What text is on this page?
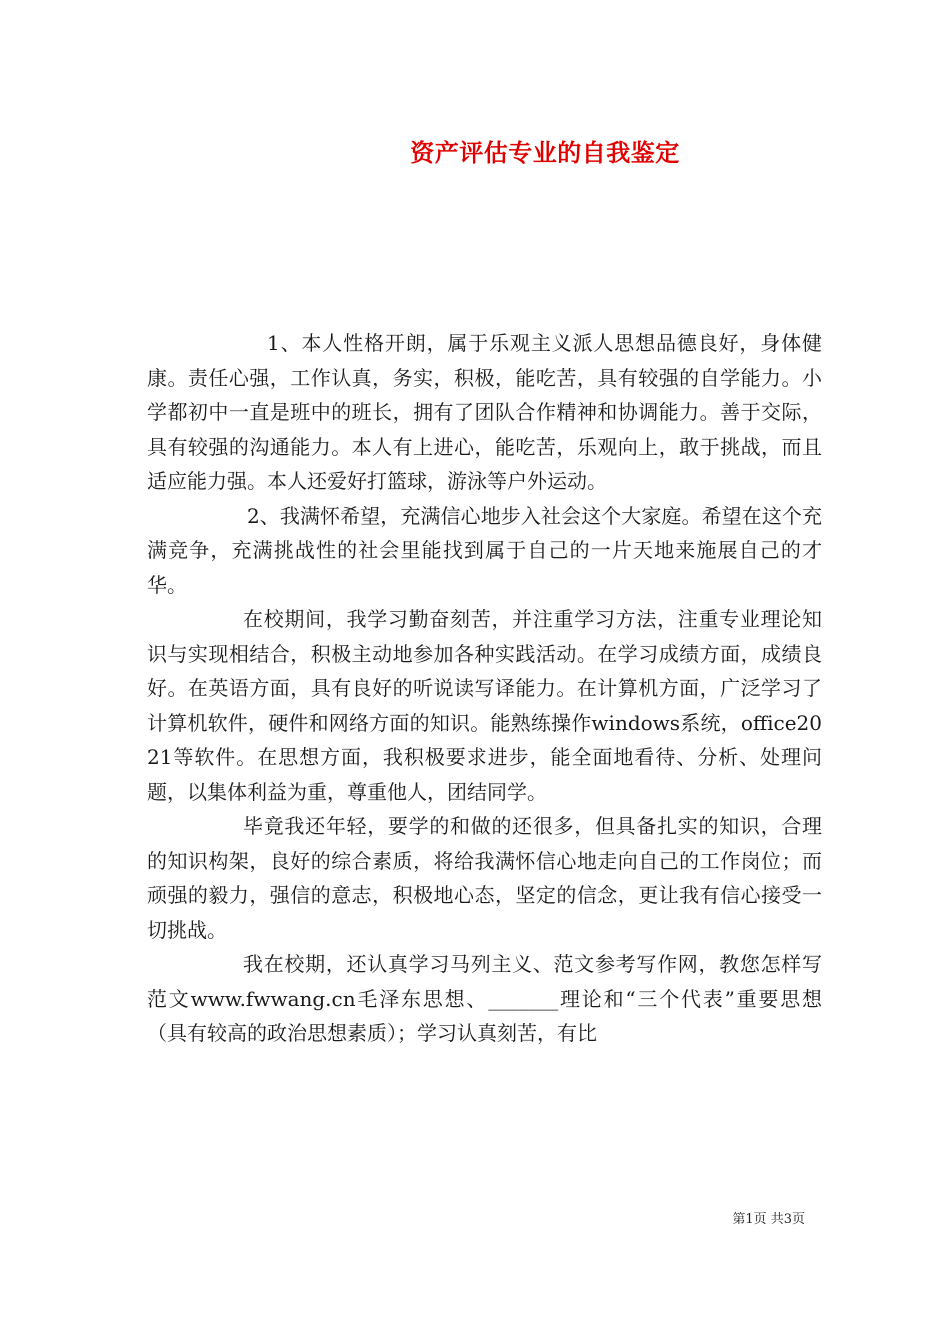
资产评估专业的自我鉴定

1、本人性格开朗，属于乐观主义派人思想品德良好，身体健康。责任心强，工作认真，务实，积极，能吃苦，具有较强的自学能力。小学都初中一直是班中的班长，拥有了团队合作精神和协调能力。善于交际，具有较强的沟通能力。本人有上进心，能吃苦，乐观向上，敢于挑战，而且适应能力强。本人还爱好打篮球，游泳等户外运动。

2、我满怀希望，充满信心地步入社会这个大家庭。希望在这个充满竞争，充满挑战性的社会里能找到属于自己的一片天地来施展自己的才华。

在校期间，我学习勤奋刻苦，并注重学习方法，注重专业理论知识与实现相结合，积极主动地参加各种实践活动。在学习成绩方面，成绩良好。在英语方面，具有良好的听说读写译能力。在计算机方面，广泛学习了计算机软件，硬件和网络方面的知识。能熟练操作windows系统，office2021等软件。在思想方面，我积极要求进步，能全面地看待、分析、处理问题，以集体利益为重，尊重他人，团结同学。

毕竟我还年轻，要学的和做的还很多，但具备扎实的知识，合理的知识构架，良好的综合素质，将给我满怀信心地走向自己的工作岗位；而顽强的毅力，强信的意志，积极地心态，坚定的信念，更让我有信心接受一切挑战。

我在校期，还认真学习马列主义、范文参考写作网，教您怎样写范文www.fwwang.cn毛泽东思想、_______理论和“三个代表”重要思想（具有较高的政治思想素质）；学习认真刻苦，有比

第1页 共3页
